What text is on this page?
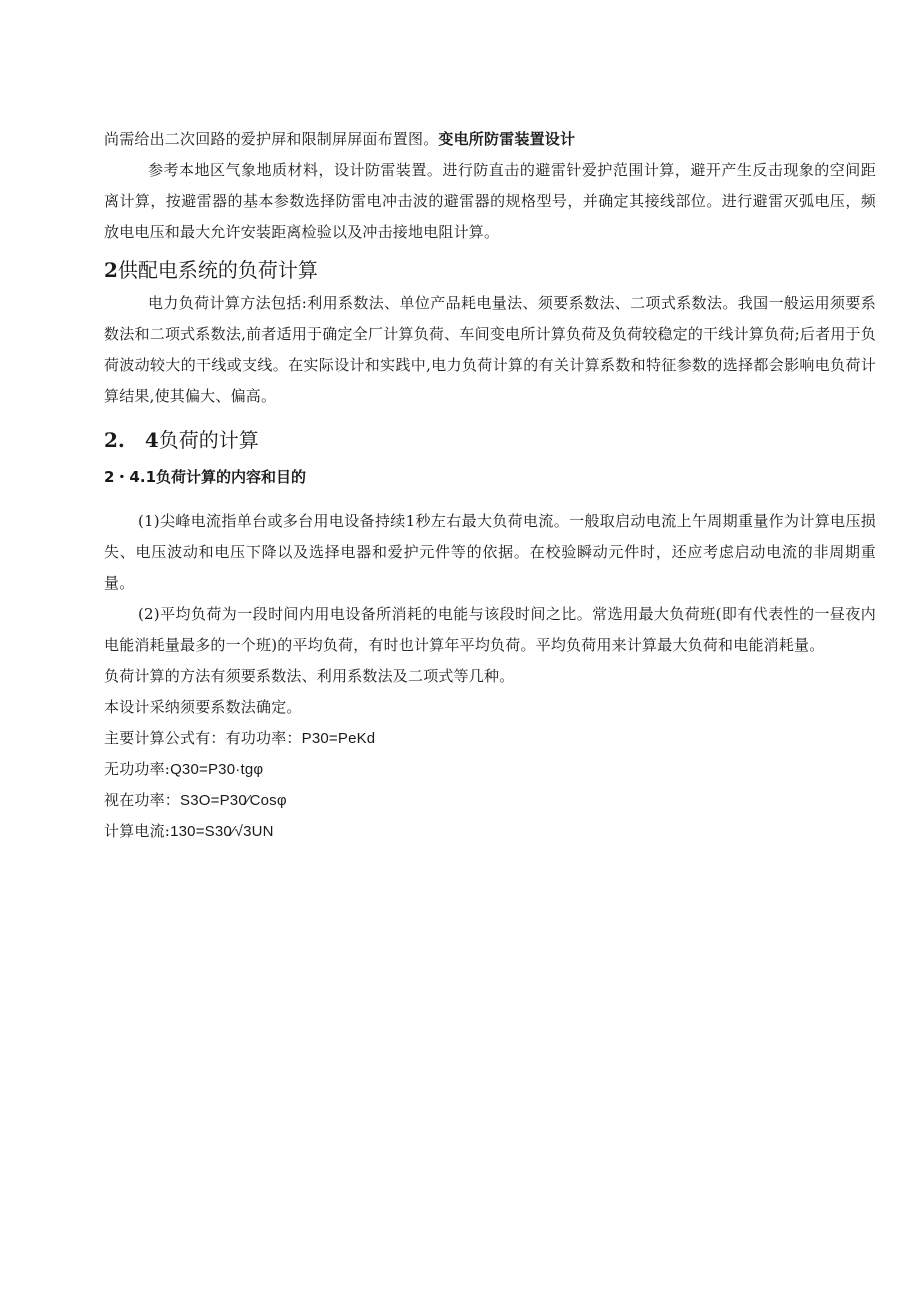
尚需给出二次回路的爱护屏和限制屏屏面布置图。变电所防雷装置设计

参考本地区气象地质材料，设计防雷装置。进行防直击的避雷针爱护范围计算，避开产生反击现象的空间距离计算，按避雷器的基本参数选择防雷电冲击波的避雷器的规格型号，并确定其接线部位。进行避雷灭弧电压，频放电电压和最大允许安装距离检验以及冲击接地电阻计算。

2供配电系统的负荷计算

电力负荷计算方法包括:利用系数法、单位产品耗电量法、须要系数法、二项式系数法。我国一般运用须要系数法和二项式系数法,前者适用于确定全厂计算负荷、车间变电所计算负荷及负荷较稳定的干线计算负荷;后者用于负荷波动较大的干线或支线。在实际设计和实践中,电力负荷计算的有关计算系数和特征参数的选择都会影响电负荷计算结果,使其偏大、偏高。

2.　4负荷的计算
2・4.1负荷计算的内容和目的

(1)尖峰电流指单台或多台用电设备持续1秒左右最大负荷电流。一般取启动电流上午周期重量作为计算电压损失、电压波动和电压下降以及选择电器和爱护元件等的依据。在校验瞬动元件时，还应考虑启动电流的非周期重量。

(2)平均负荷为一段时间内用电设备所消耗的电能与该段时间之比。常选用最大负荷班(即有代表性的一昼夜内电能消耗量最多的一个班)的平均负荷，有时也计算年平均负荷。平均负荷用来计算最大负荷和电能消耗量。

负荷计算的方法有须要系数法、利用系数法及二项式等几种。

本设计采纳须要系数法确定。

主要计算公式有：有功功率：P30=PeKd

无功功率:Q30=P30·tgφ

视在功率：S3O=P30⁄Cosφ

计算电流:130=S30⁄√3UN
